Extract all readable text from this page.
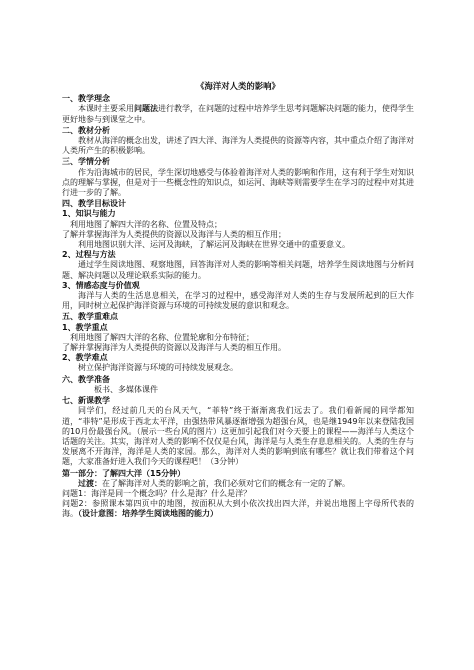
《海洋对人类的影响》
一、教学理念
本课时主要采用问题法进行教学，在问题的过程中培养学生思考问题解决问题的能力，使得学生更好地参与到课堂之中。
二、教材分析
教材从海洋的概念出发，讲述了四大洋、海洋为人类提供的资源等内容，其中重点介绍了海洋对人类所产生的积极影响。
三、学情分析
作为沿海城市的居民，学生深切地感受与体验着海洋对人类的影响和作用，这有利于学生对知识点的理解与掌握，但是对于一些概念性的知识点，如运河、海峡等则需要学生在学习的过程中对其进行进一步的了解。
四、教学目标设计
1、知识与能力
利用地图了解四大洋的名称、位置及特点；
了解并掌握海洋为人类提供的资源以及海洋与人类的相互作用；
利用地图识别大洋、运河及海峡，了解运河及海峡在世界交通中的重要意义。
2、过程与方法
通过学生阅读地图、观察地图，回答海洋对人类的影响等相关问题，培养学生阅读地图与分析问题、解决问题以及理论联系实际的能力。
3、情感态度与价值观
海洋与人类的生活息息相关，在学习的过程中，感受海洋对人类的生存与发展所起到的巨大作用，同时树立起保护海洋资源与环境的可持续发展的意识和观念。
五、教学重难点
1、教学重点
利用地图了解四大洋的名称、位置轮廓和分布特征；
了解并掌握海洋为人类提供的资源以及海洋与人类的相互作用。
2、教学难点
树立保护海洋资源与环境的可持续发展观念。
六、教学准备
板书、多媒体课件
七、新课教学
同学们，经过前几天的台风天气，“菲特”终于渐渐离我们远去了。我们看新闻的同学都知道，“菲特”是形成于西北太平洋，由强热带风暴逐渐增强为超强台风，也是继1949年以来登陆我国的10月份最强台风。（展示一些台风的图片）这更加引起我们对今天要上的课程——海洋与人类这个话题的关注。其实，海洋对人类的影响不仅仅是台风，海洋是与人类生存息息相关的。人类的生存与发展离不开海洋，海洋是人类的家园。那么，海洋对人类的影响到底有哪些？就让我们带着这个问题，大家准备好进入我们今天的课程吧！（3分钟）
第一部分：了解四大洋（15分钟）
过渡：在了解海洋对人类的影响之前，我们必须对它们的概念有一定的了解。
问题1：海洋是同一个概念吗？什么是海？什么是洋？
问题2：参照课本第四页中的地图，按面积从大到小依次找出四大洋，并说出地图上字母所代表的海。（设计意图：培养学生阅读地图的能力）
